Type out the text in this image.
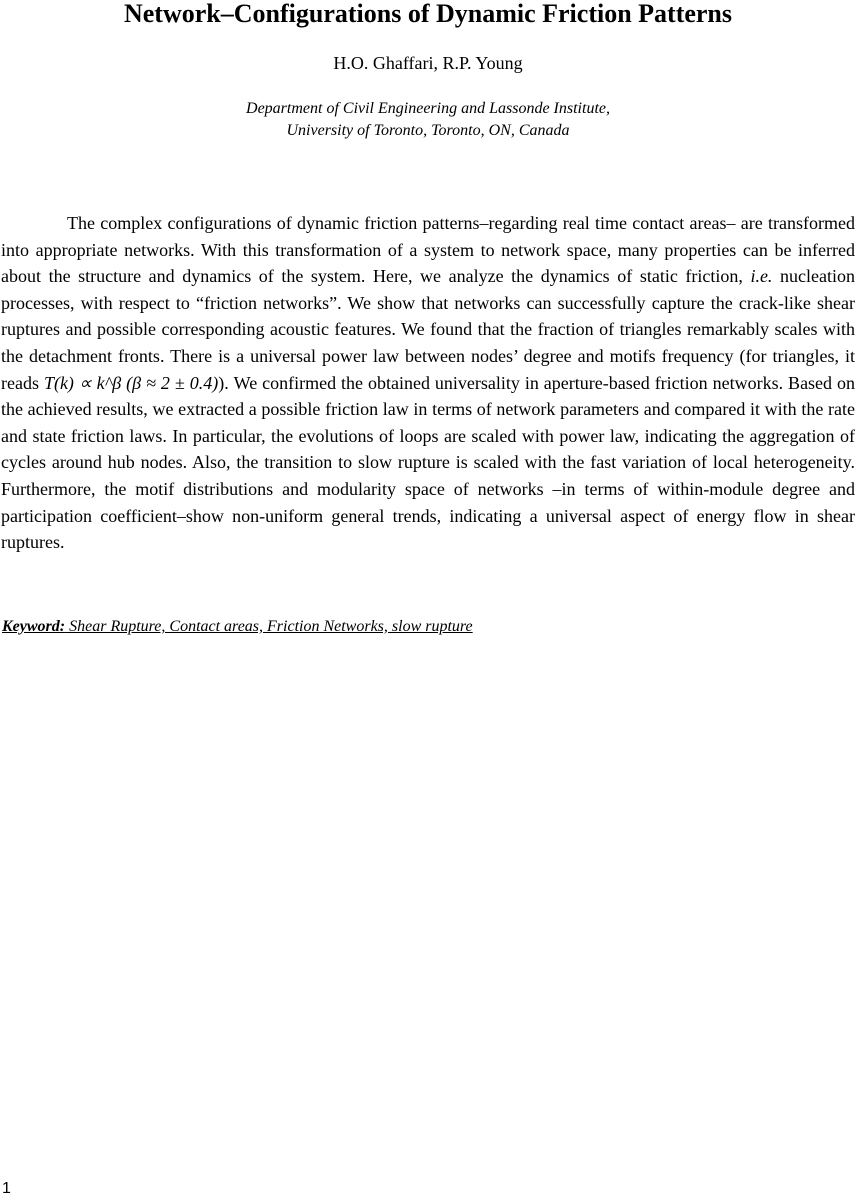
Network–Configurations of Dynamic Friction Patterns
H.O. Ghaffari, R.P. Young
Department of Civil Engineering and Lassonde Institute,
University of Toronto, Toronto, ON, Canada

The complex configurations of dynamic friction patterns–regarding real time contact areas– are transformed into appropriate networks. With this transformation of a system to network space, many properties can be inferred about the structure and dynamics of the system. Here, we analyze the dynamics of static friction, i.e. nucleation processes, with respect to “friction networks”. We show that networks can successfully capture the crack-like shear ruptures and possible corresponding acoustic features. We found that the fraction of triangles remarkably scales with the detachment fronts. There is a universal power law between nodes’ degree and motifs frequency (for triangles, it reads T(k) ∝ k^β (β ≈ 2 ± 0.4)). We confirmed the obtained universality in aperture-based friction networks. Based on the achieved results, we extracted a possible friction law in terms of network parameters and compared it with the rate and state friction laws. In particular, the evolutions of loops are scaled with power law, indicating the aggregation of cycles around hub nodes. Also, the transition to slow rupture is scaled with the fast variation of local heterogeneity. Furthermore, the motif distributions and modularity space of networks –in terms of within-module degree and participation coefficient–show non-uniform general trends, indicating a universal aspect of energy flow in shear ruptures.

Keyword: Shear Rupture, Contact areas, Friction Networks, slow rupture
1
